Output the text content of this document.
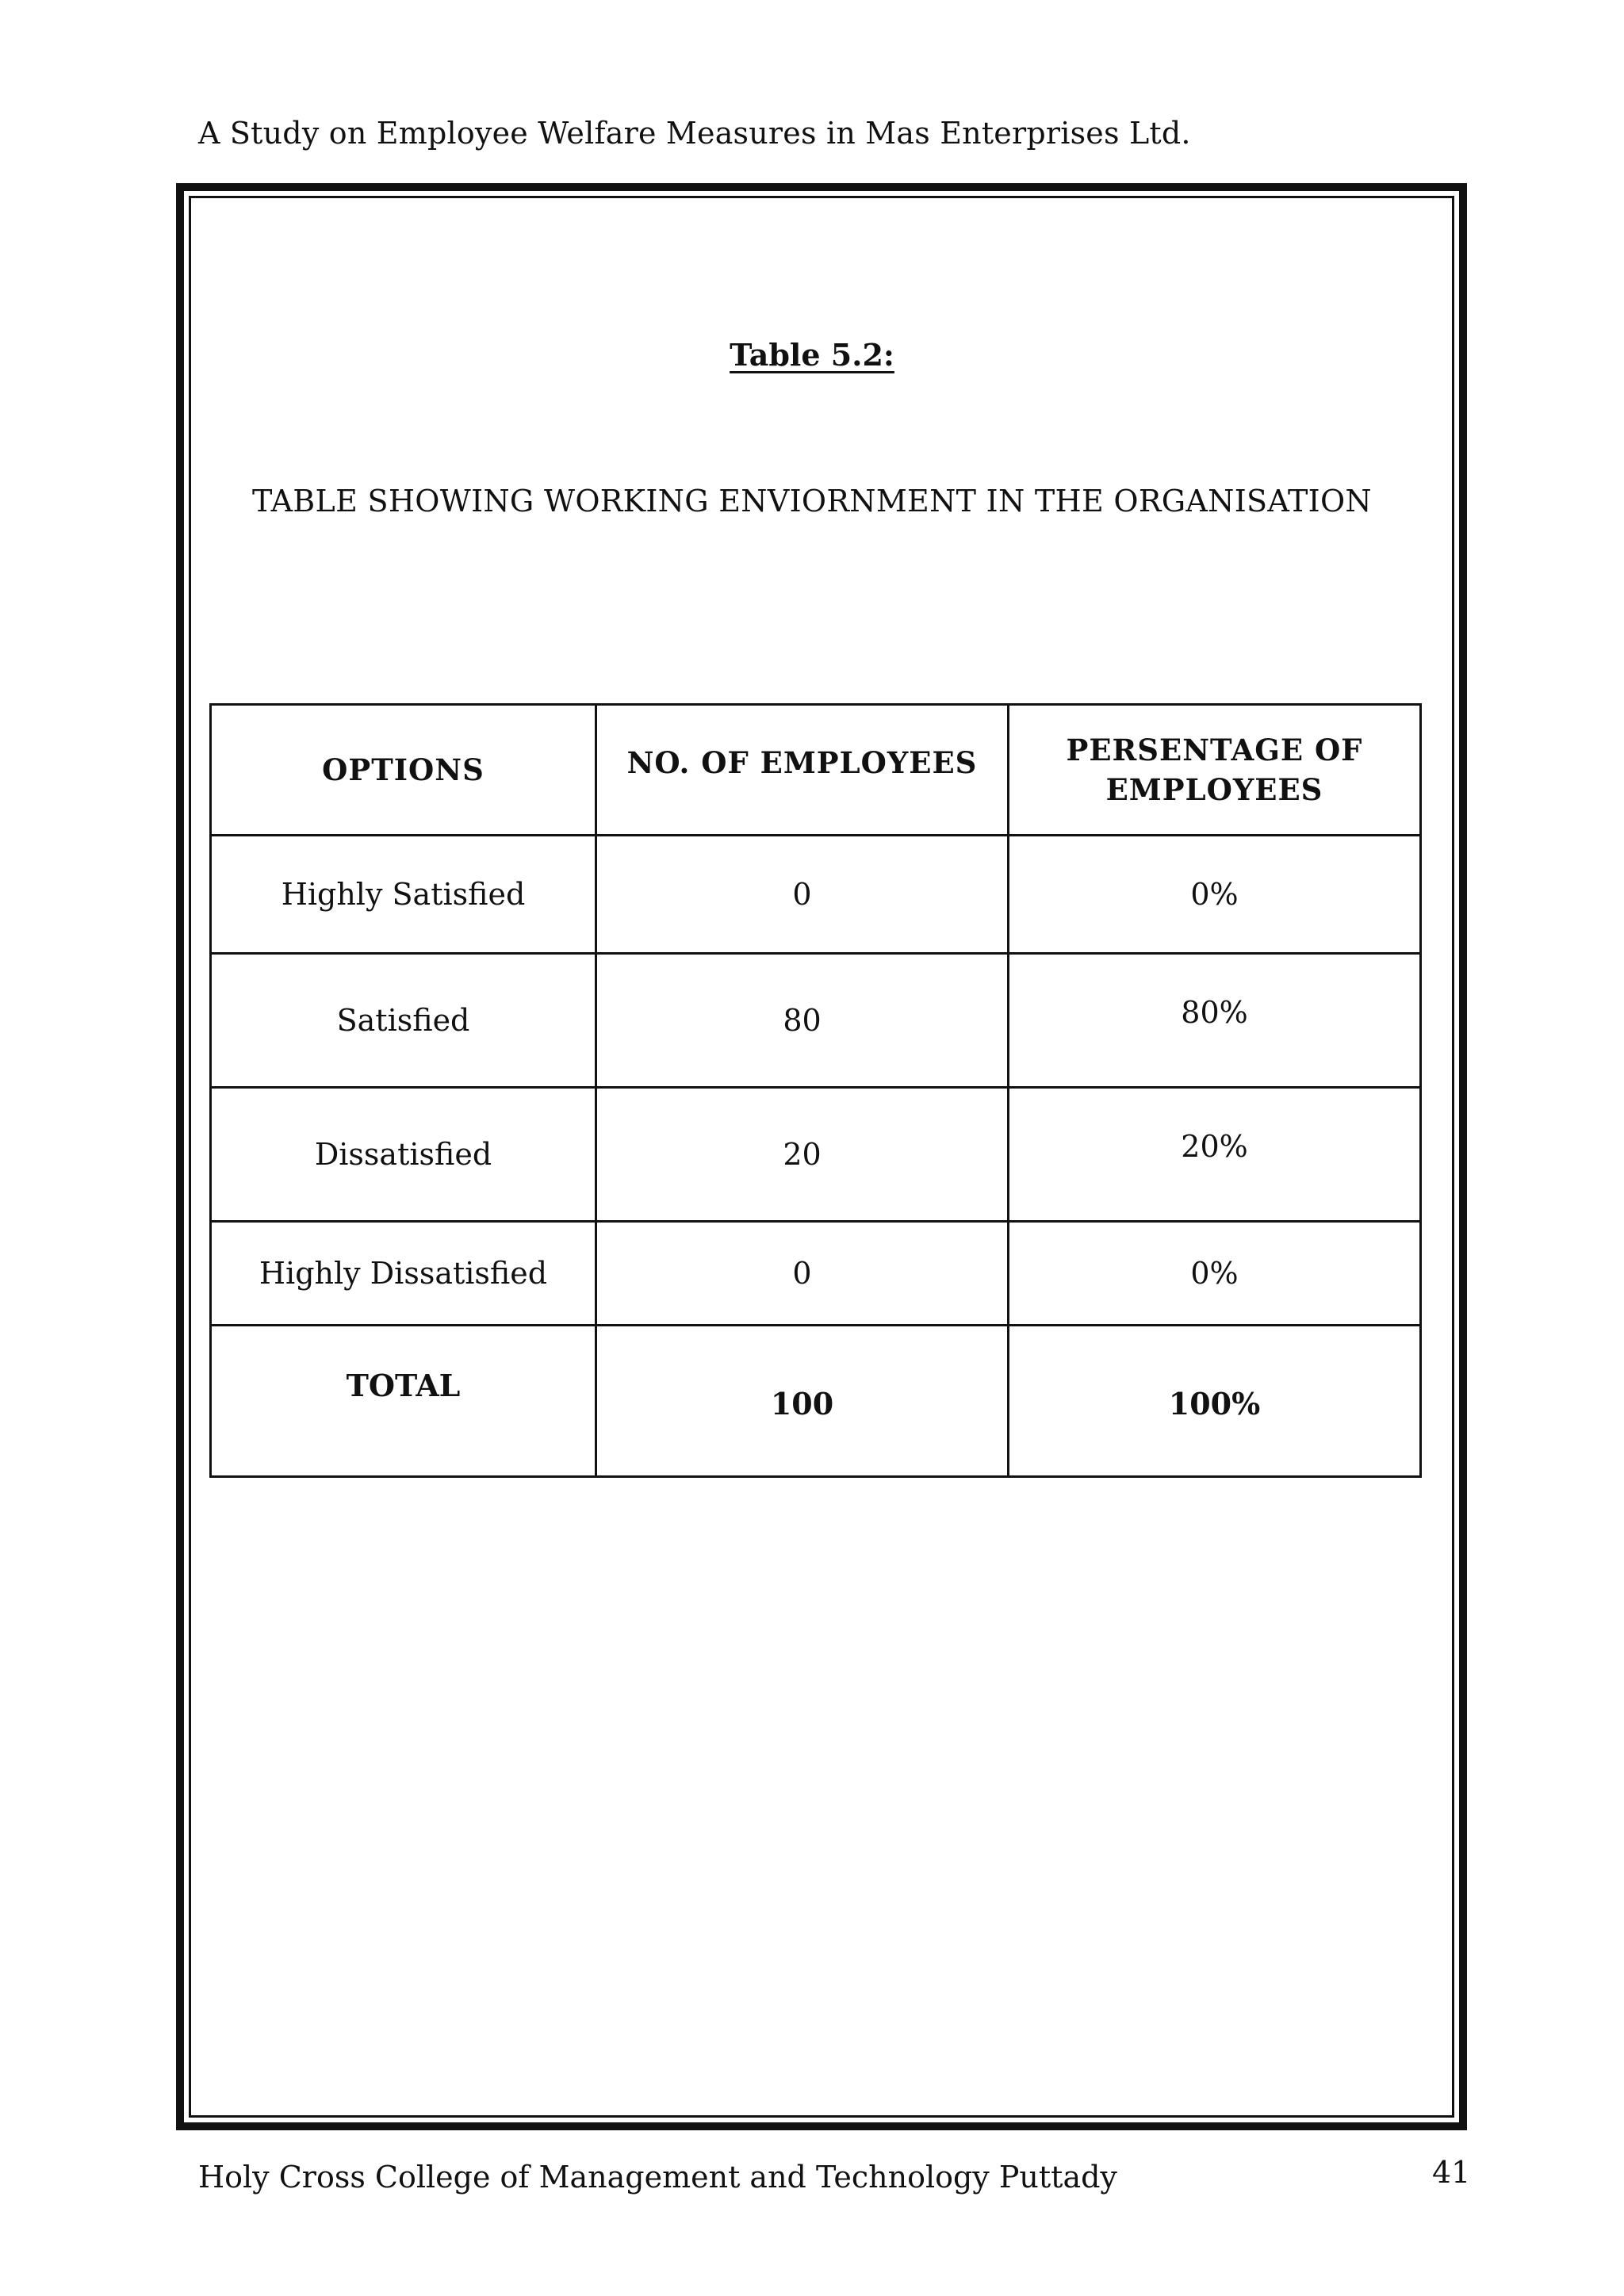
A Study on Employee Welfare Measures in Mas Enterprises Ltd.
Table 5.2:
TABLE SHOWING WORKING ENVIORNMENT IN THE ORGANISATION
OPTIONS	NO. OF EMPLOYEES	PERSENTAGE OF EMPLOYEES
Highly Satisfied	0	0%
Satisfied	80	80%
Dissatisfied	20	20%
Highly Dissatisfied	0	0%
TOTAL	100	100%
Holy Cross College of Management and Technology Puttady	41
